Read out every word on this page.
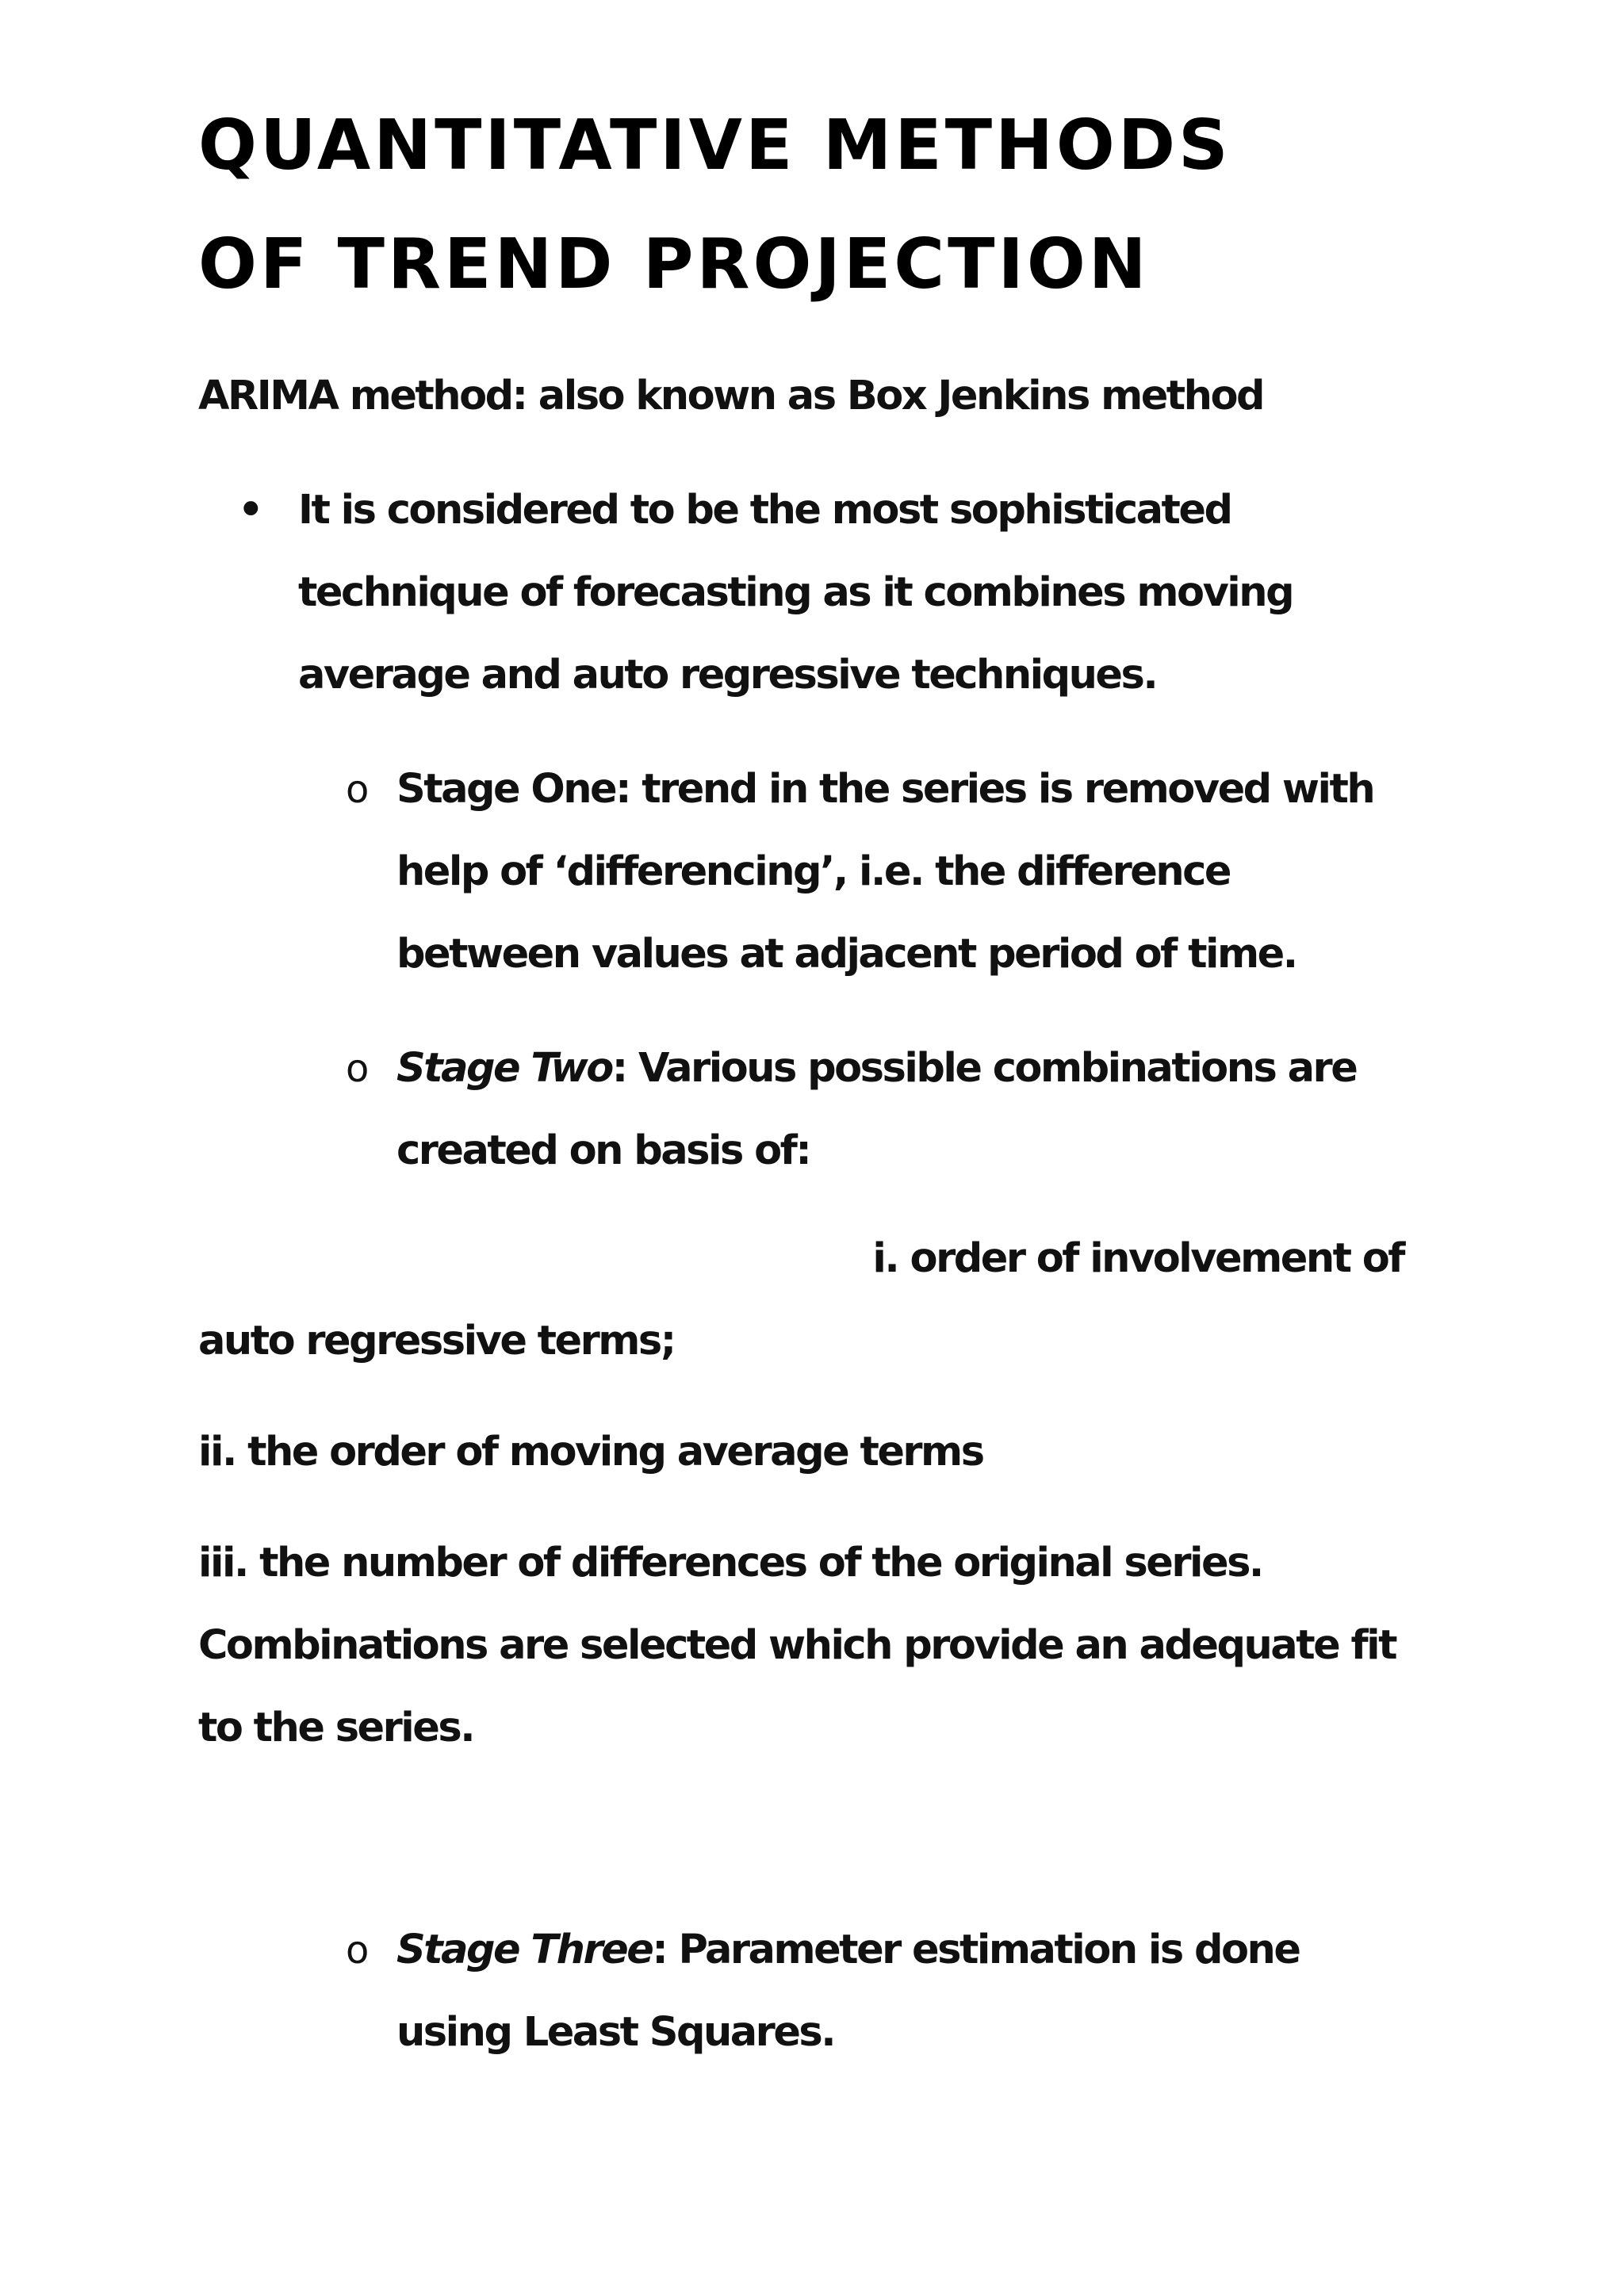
QUANTITATIVE METHODS
OF TREND PROJECTION

ARIMA method: also known as Box Jenkins method

• It is considered to be the most sophisticated technique of forecasting as it combines moving average and auto regressive techniques.
o Stage One: trend in the series is removed with help of ‘differencing’, i.e. the difference between values at adjacent period of time.
o Stage Two: Various possible combinations are created on basis of:
i. order of involvement of
auto regressive terms;

ii. the order of moving average terms

iii. the number of differences of the original series. Combinations are selected which provide an adequate fit to the series.

o Stage Three: Parameter estimation is done using Least Squares.
